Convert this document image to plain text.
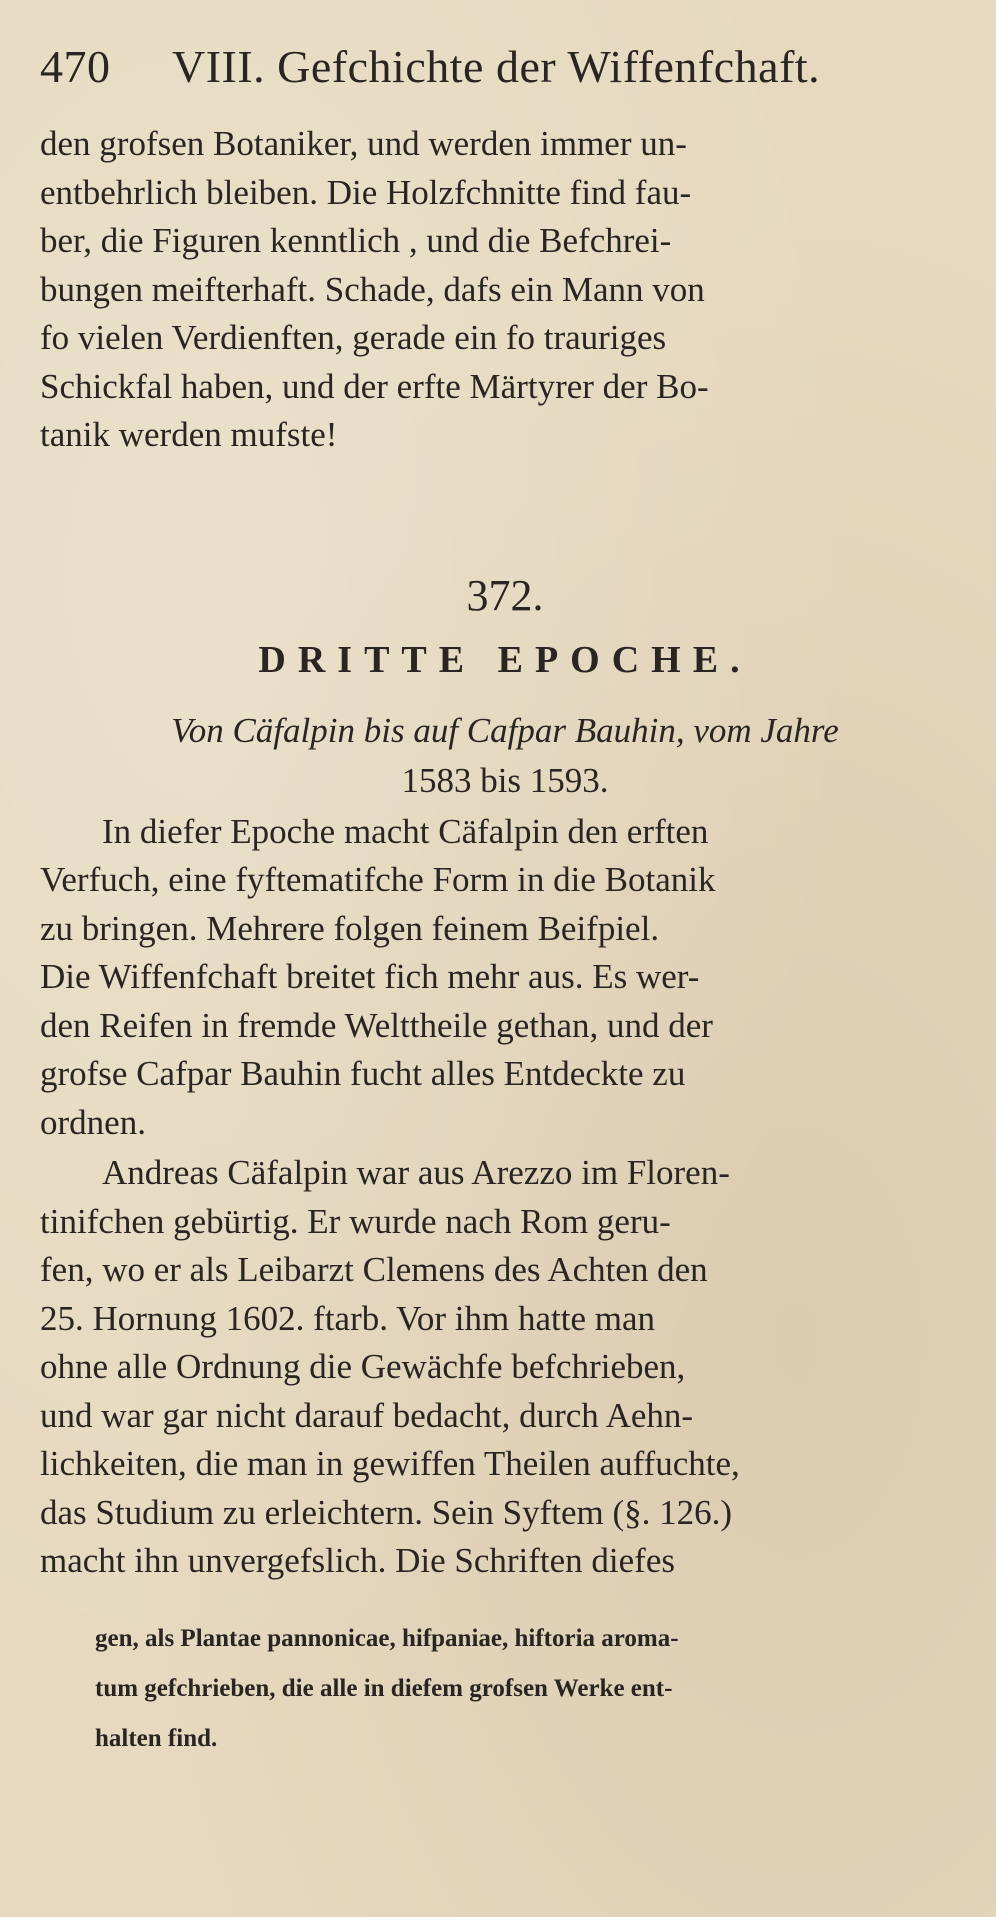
470 VIII. Gefchichte der Wiffenfchaft.
den grofsen Botaniker, und werden immer un-
entbehrlich bleiben. Die Holzfchnitte find fau-
ber, die Figuren kenntlich , und die Befchrei-
bungen meifterhaft. Schade, dafs ein Mann von
fo vielen Verdienften, gerade ein fo trauriges
Schickfal haben, und der erfte Märtyrer der Bo-
tanik werden mufste!
372.
DRITTE EPOCHE.
Von Cäfalpin bis auf Cafpar Bauhin, vom Jahre
1583 bis 1593.
In diefer Epoche macht Cäfalpin den erften
Verfuch, eine fyftematifche Form in die Botanik
zu bringen. Mehrere folgen feinem Beifpiel.
Die Wiffenfchaft breitet fich mehr aus. Es wer-
den Reifen in fremde Welttheile gethan, und der
grofse Cafpar Bauhin fucht alles Entdeckte zu
ordnen.
Andreas Cäfalpin war aus Arezzo im Floren-
tinifchen gebürtig. Er wurde nach Rom geru-
fen, wo er als Leibarzt Clemens des Achten den
25. Hornung 1602. ftarb. Vor ihm hatte man
ohne alle Ordnung die Gewächfe befchrieben,
und war gar nicht darauf bedacht, durch Aehn-
lichkeiten, die man in gewiffen Theilen auffuchte,
das Studium zu erleichtern. Sein Syftem (§. 126.)
macht ihn unvergefslich. Die Schriften diefes
gen, als Plantae pannonicae, hifpaniae, hiftoria aroma-
tum gefchrieben, die alle in diefem grofsen Werke ent-
halten find.
